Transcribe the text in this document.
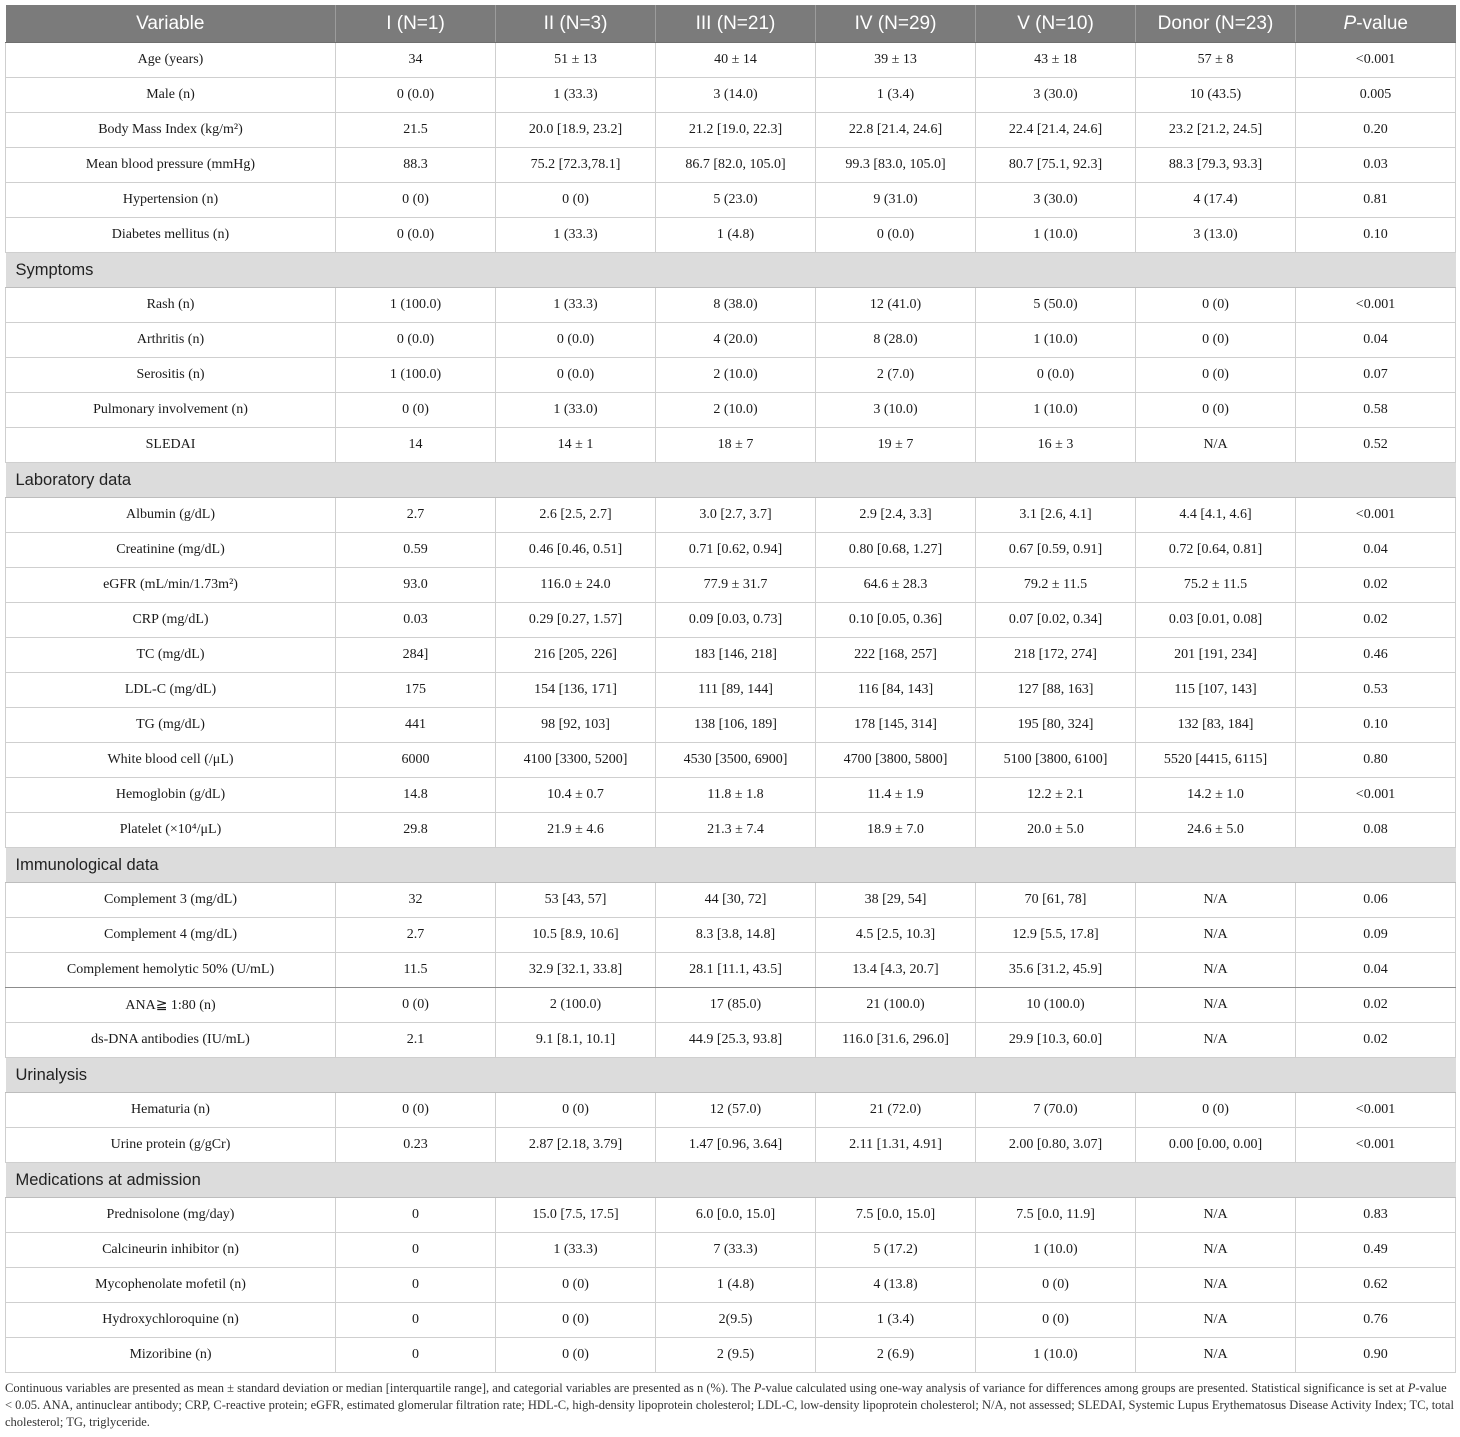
Variable	I (N=1)	II (N=3)	III (N=21)	IV (N=29)	V (N=10)	Donor (N=23)	P-value
Age (years)	34	51 ± 13	40 ± 14	39 ± 13	43 ± 18	57 ± 8	<0.001
Male (n)	0 (0.0)	1 (33.3)	3 (14.0)	1 (3.4)	3 (30.0)	10 (43.5)	0.005
Body Mass Index (kg/m²)	21.5	20.0 [18.9, 23.2]	21.2 [19.0, 22.3]	22.8 [21.4, 24.6]	22.4 [21.4, 24.6]	23.2 [21.2, 24.5]	0.20
Mean blood pressure (mmHg)	88.3	75.2 [72.3,78.1]	86.7 [82.0, 105.0]	99.3 [83.0, 105.0]	80.7 [75.1, 92.3]	88.3 [79.3, 93.3]	0.03
Hypertension (n)	0 (0)	0 (0)	5 (23.0)	9 (31.0)	3 (30.0)	4 (17.4)	0.81
Diabetes mellitus (n)	0 (0.0)	1 (33.3)	1 (4.8)	0 (0.0)	1 (10.0)	3 (13.0)	0.10
Symptoms							
Rash (n)	1 (100.0)	1 (33.3)	8 (38.0)	12 (41.0)	5 (50.0)	0 (0)	<0.001
Arthritis (n)	0 (0.0)	0 (0.0)	4 (20.0)	8 (28.0)	1 (10.0)	0 (0)	0.04
Serositis (n)	1 (100.0)	0 (0.0)	2 (10.0)	2 (7.0)	0 (0.0)	0 (0)	0.07
Pulmonary involvement (n)	0 (0)	1 (33.0)	2 (10.0)	3 (10.0)	1 (10.0)	0 (0)	0.58
SLEDAI	14	14 ± 1	18 ± 7	19 ± 7	16 ± 3	N/A	0.52
Laboratory data							
Albumin (g/dL)	2.7	2.6 [2.5, 2.7]	3.0 [2.7, 3.7]	2.9 [2.4, 3.3]	3.1 [2.6, 4.1]	4.4 [4.1, 4.6]	<0.001
Creatinine (mg/dL)	0.59	0.46 [0.46, 0.51]	0.71 [0.62, 0.94]	0.80 [0.68, 1.27]	0.67 [0.59, 0.91]	0.72 [0.64, 0.81]	0.04
eGFR (mL/min/1.73m²)	93.0	116.0 ± 24.0	77.9 ± 31.7	64.6 ± 28.3	79.2 ± 11.5	75.2 ± 11.5	0.02
CRP (mg/dL)	0.03	0.29 [0.27, 1.57]	0.09 [0.03, 0.73]	0.10 [0.05, 0.36]	0.07 [0.02, 0.34]	0.03 [0.01, 0.08]	0.02
TC (mg/dL)	284]	216 [205, 226]	183 [146, 218]	222 [168, 257]	218 [172, 274]	201 [191, 234]	0.46
LDL-C (mg/dL)	175	154 [136, 171]	111 [89, 144]	116 [84, 143]	127 [88, 163]	115 [107, 143]	0.53
TG (mg/dL)	441	98 [92, 103]	138 [106, 189]	178 [145, 314]	195 [80, 324]	132 [83, 184]	0.10
White blood cell (/μL)	6000	4100 [3300, 5200]	4530 [3500, 6900]	4700 [3800, 5800]	5100 [3800, 6100]	5520 [4415, 6115]	0.80
Hemoglobin (g/dL)	14.8	10.4 ± 0.7	11.8 ± 1.8	11.4 ± 1.9	12.2 ± 2.1	14.2 ± 1.0	<0.001
Platelet (×10⁴/μL)	29.8	21.9 ± 4.6	21.3 ± 7.4	18.9 ± 7.0	20.0 ± 5.0	24.6 ± 5.0	0.08
Immunological data							
Complement 3 (mg/dL)	32	53 [43, 57]	44 [30, 72]	38 [29, 54]	70 [61, 78]	N/A	0.06
Complement 4 (mg/dL)	2.7	10.5 [8.9, 10.6]	8.3 [3.8, 14.8]	4.5 [2.5, 10.3]	12.9 [5.5, 17.8]	N/A	0.09
Complement hemolytic 50% (U/mL)	11.5	32.9 [32.1, 33.8]	28.1 [11.1, 43.5]	13.4 [4.3, 20.7]	35.6 [31.2, 45.9]	N/A	0.04
ANA≧ 1:80 (n)	0 (0)	2 (100.0)	17 (85.0)	21 (100.0)	10 (100.0)	N/A	0.02
ds-DNA antibodies (IU/mL)	2.1	9.1 [8.1, 10.1]	44.9 [25.3, 93.8]	116.0 [31.6, 296.0]	29.9 [10.3, 60.0]	N/A	0.02
Urinalysis							
Hematuria (n)	0 (0)	0 (0)	12 (57.0)	21 (72.0)	7 (70.0)	0 (0)	<0.001
Urine protein (g/gCr)	0.23	2.87 [2.18, 3.79]	1.47 [0.96, 3.64]	2.11 [1.31, 4.91]	2.00 [0.80, 3.07]	0.00 [0.00, 0.00]	<0.001
Medications at admission							
Prednisolone (mg/day)	0	15.0 [7.5, 17.5]	6.0 [0.0, 15.0]	7.5 [0.0, 15.0]	7.5 [0.0, 11.9]	N/A	0.83
Calcineurin inhibitor (n)	0	1 (33.3)	7 (33.3)	5 (17.2)	1 (10.0)	N/A	0.49
Mycophenolate mofetil (n)	0	0 (0)	1 (4.8)	4 (13.8)	0 (0)	N/A	0.62
Hydroxychloroquine (n)	0	0 (0)	2(9.5)	1 (3.4)	0 (0)	N/A	0.76
Mizoribine (n)	0	0 (0)	2 (9.5)	2 (6.9)	1 (10.0)	N/A	0.90
Continuous variables are presented as mean ± standard deviation or median [interquartile range], and categorial variables are presented as n (%). The P-value calculated using one-way analysis of variance for differences among groups are presented. Statistical significance is set at P-value < 0.05. ANA, antinuclear antibody; CRP, C-reactive protein; eGFR, estimated glomerular filtration rate; HDL-C, high-density lipoprotein cholesterol; LDL-C, low-density lipoprotein cholesterol; N/A, not assessed; SLEDAI, Systemic Lupus Erythematosus Disease Activity Index; TC, total cholesterol; TG, triglyceride.
